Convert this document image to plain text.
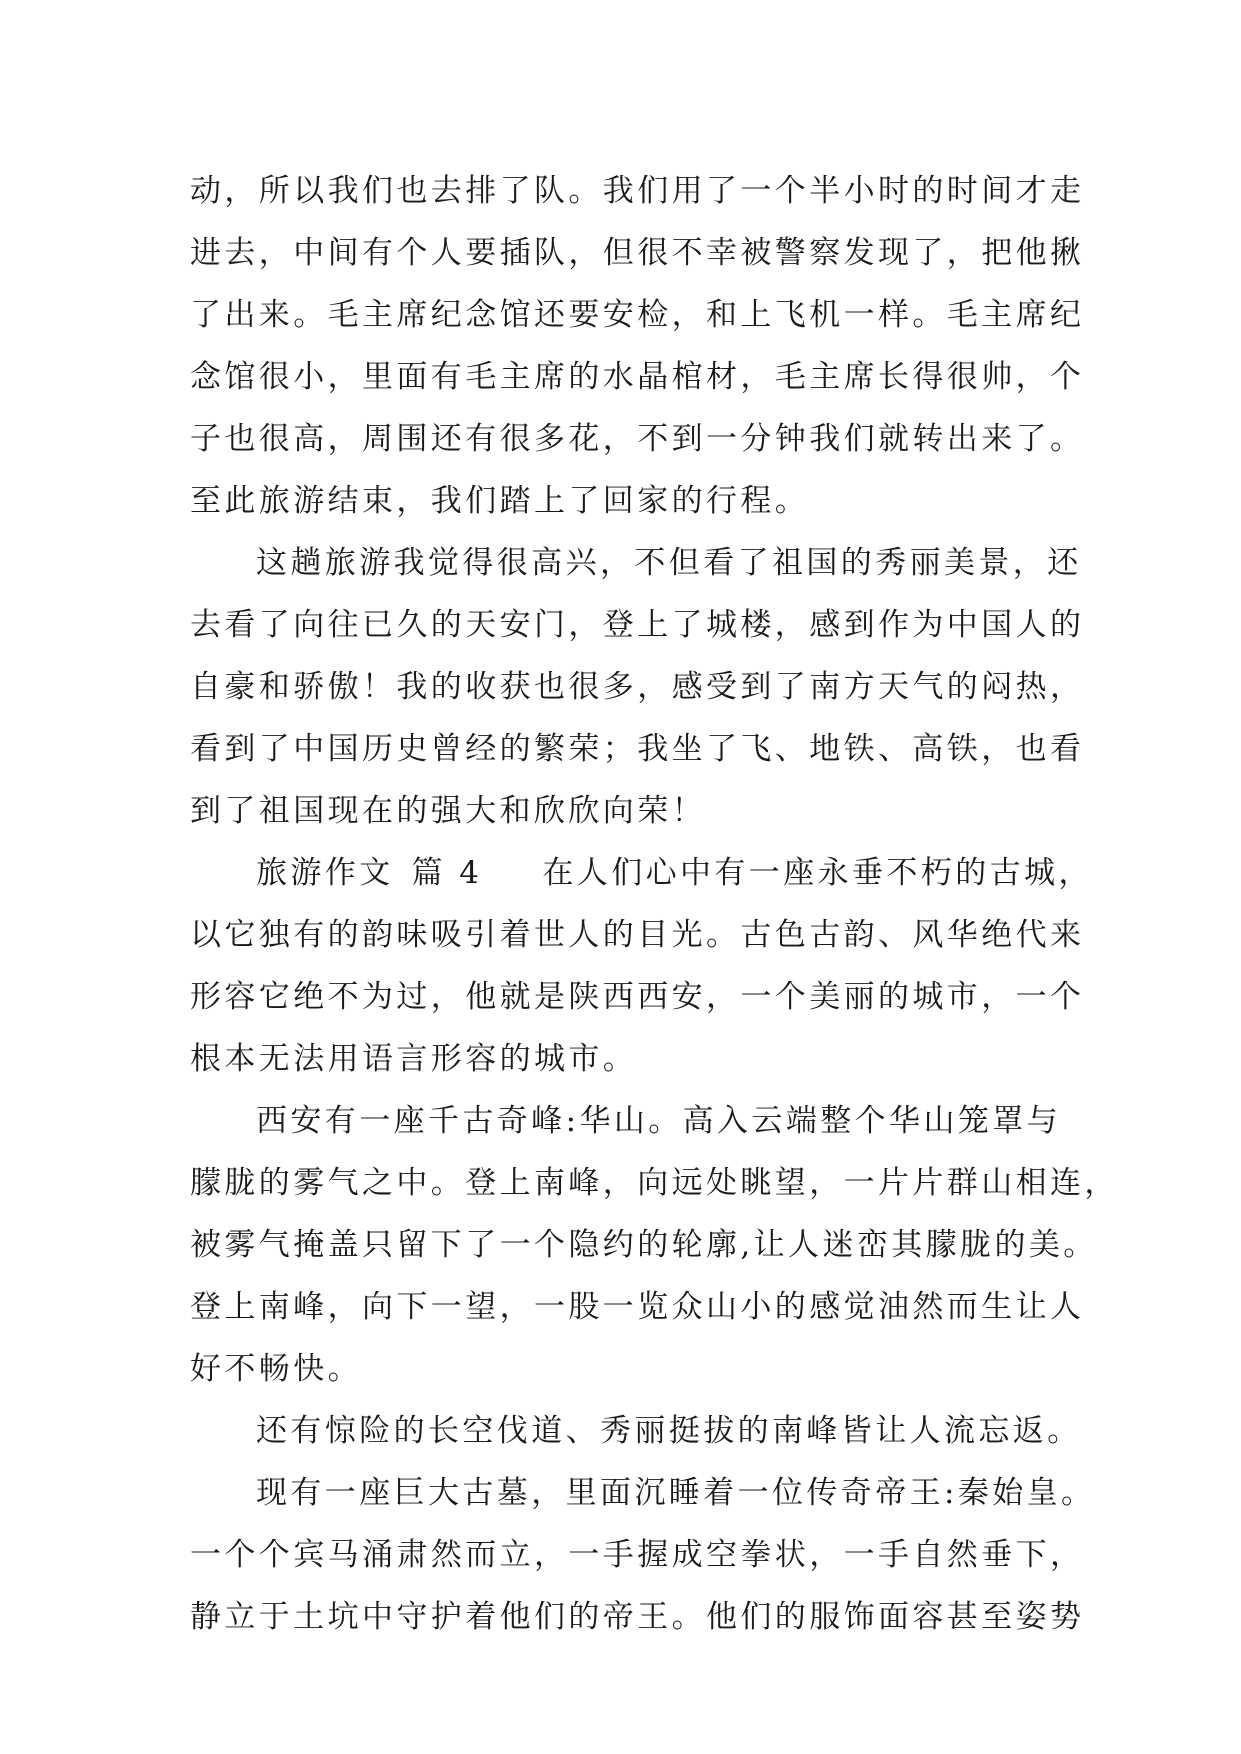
动，所以我们也去排了队。我们用了一个半小时的时间才走
进去，中间有个人要插队，但很不幸被警察发现了，把他揪
了出来。毛主席纪念馆还要安检，和上飞机一样。毛主席纪
念馆很小，里面有毛主席的水晶棺材，毛主席长得很帅，个
子也很高，周围还有很多花，不到一分钟我们就转出来了。
至此旅游结束，我们踏上了回家的行程。
这趟旅游我觉得很高兴，不但看了祖国的秀丽美景，还
去看了向往已久的天安门，登上了城楼，感到作为中国人的
自豪和骄傲！我的收获也很多，感受到了南方天气的闷热，
看到了中国历史曾经的繁荣；我坐了飞、地铁、高铁，也看
到了祖国现在的强大和欣欣向荣！
旅游作文 篇 4 在人们心中有一座永垂不朽的古城，
以它独有的韵味吸引着世人的目光。古色古韵、风华绝代来
形容它绝不为过，他就是陕西西安，一个美丽的城市，一个
根本无法用语言形容的城市。
西安有一座千古奇峰:华山。高入云端整个华山笼罩与
朦胧的雾气之中。登上南峰，向远处眺望，一片片群山相连，
被雾气掩盖只留下了一个隐约的轮廓,让人迷峦其朦胧的美。
登上南峰，向下一望，一股一览众山小的感觉油然而生让人
好不畅快。
还有惊险的长空伐道、秀丽挺拔的南峰皆让人流忘返。
现有一座巨大古墓，里面沉睡着一位传奇帝王:秦始皇。
一个个宾马涌肃然而立，一手握成空拳状，一手自然垂下，
静立于土坑中守护着他们的帝王。他们的服饰面容甚至姿势
